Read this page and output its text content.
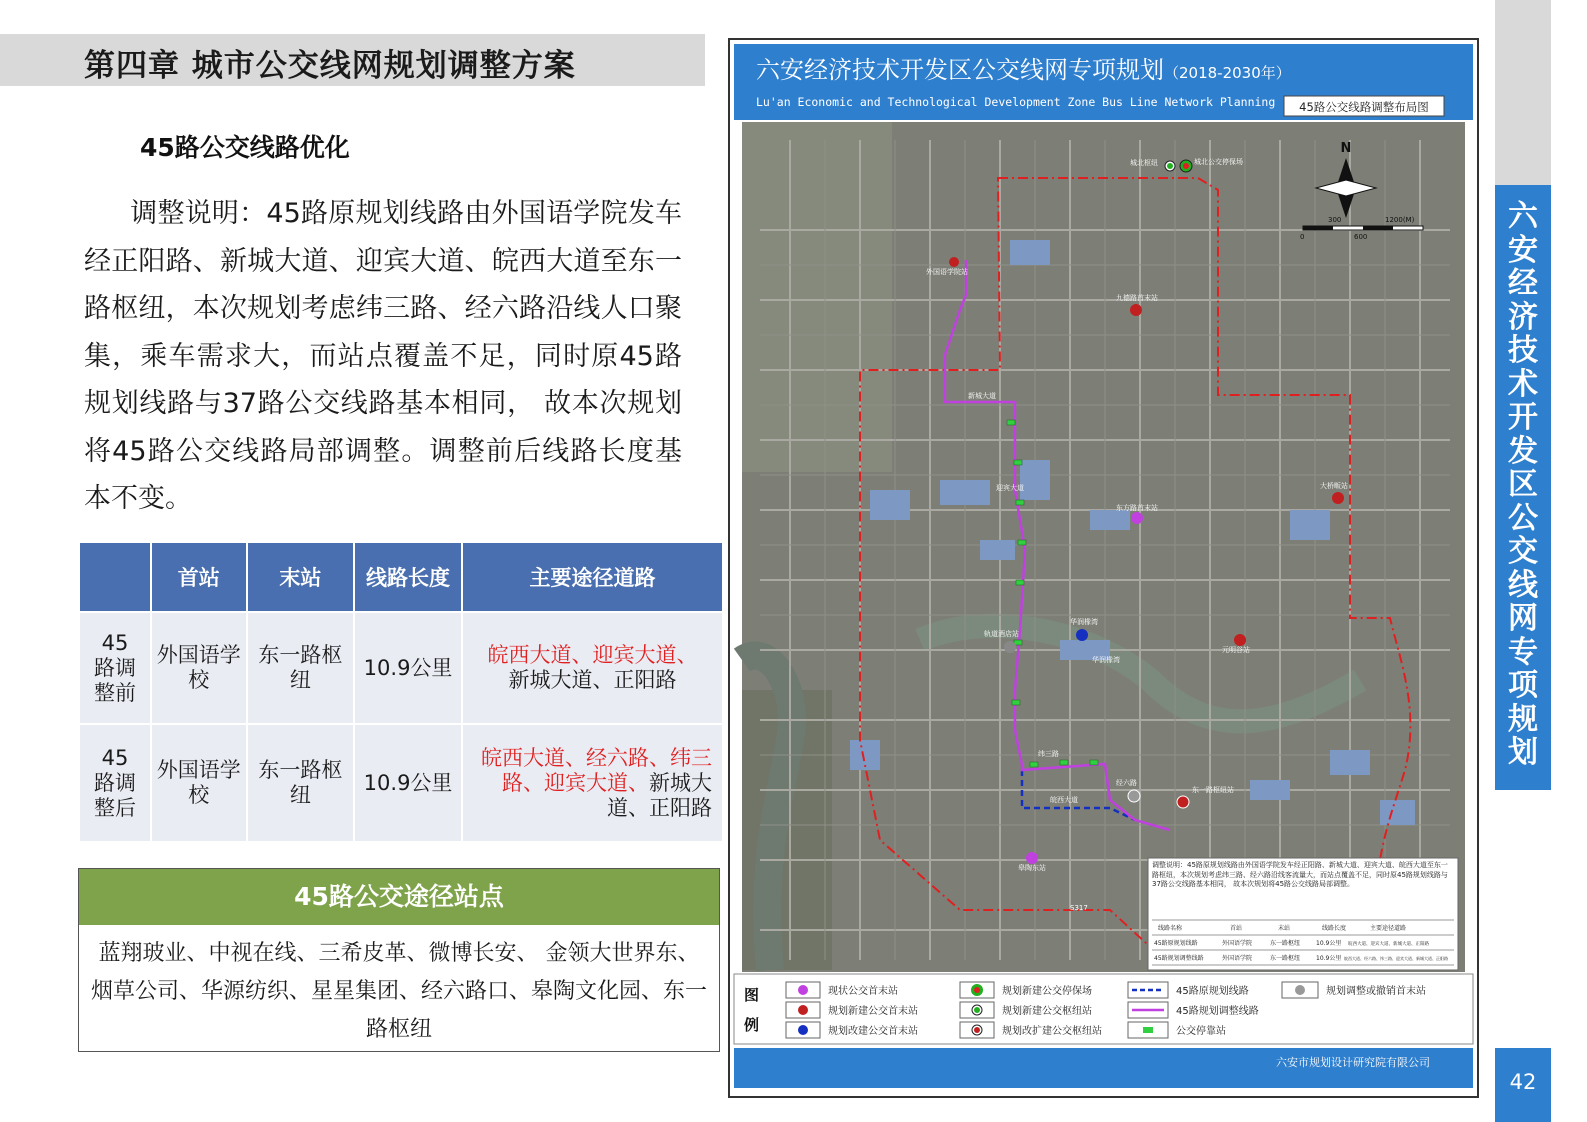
第四章 城市公交线网规划调整方案
45路公交线路优化
调整说明：45路原规划线路由外国语学院发车经正阳路、新城大道、迎宾大道、皖西大道至东一路枢纽，本次规划考虑纬三路、经六路沿线人口聚集，乘车需求大，而站点覆盖不足，同时原45路规划线路与37路公交线路基本相同， 故本次规划将45路公交线路局部调整。调整前后线路长度基本不变。
	首站	末站	线路长度	主要途径道路
45路调整前	外国语学校	东一路枢纽	10.9公里	皖西大道、迎宾大道、
新城大道、正阳路
45路调整后	外国语学校	东一路枢纽	10.9公里	皖西大道、经六路、纬三路、迎宾大道、新城大道、正阳路
45路公交途径站点
蓝翔玻业、中视在线、三希皮革、微博长安、 金领大世界东、 烟草公司、华源纺织、星星集团、经六路口、皋陶文化园、东一路枢纽
六安经济技术开发区公交线网专项规划（2018-2030年）
Lu'an Economic and Technological Development Zone Bus Line Network Planning 45路公交线路调整布局图
城北枢纽	城北公交停保场
外国语学院站
九德路首末站
新城大道
迎宾大道	大桥畈站
东方路首末站
华润橡湾
轨道酒店站
华润橡湾
元明谷站
纬三路
经六路
东一路枢纽站
皖西大道
皋陶东站
S317
N
300	1200(M)
0	600
调整说明：45路原规划线路由外国语学院发车经正阳路、新城大道、迎宾大道、皖西大道至东一路枢纽，本次规划考虑纬三路、经六路沿线客流量大，而站点覆盖不足，同时原45路规划线路与37路公交线路基本相同， 故本次规划将45路公交线路局部调整。
线路名称	首站	末站	线路长度	主要途径道路
45路原规划线路	外国语学院	东一路枢纽	10.9公里 皖西大道、迎宾大道、新城大道、正阳路
45路规划调整线路	外国语学院	东一路枢纽	10.9公里 皖西大道、经六路、纬三路、迎宾大道、新城大道、正阳路
图
例
现状公交首末站
规划新建公交首末站
规划改建公交首末站
规划新建公交停保场
规划新建公交枢纽站
规划改扩建公交枢纽站
45路原规划线路
45路规划调整线路
公交停靠站
规划调整或撤销首末站
六安市规划设计研究院有限公司
六
安
经
济
技
术
开
发
区
公
交
线
网
专
项
规
划
42
